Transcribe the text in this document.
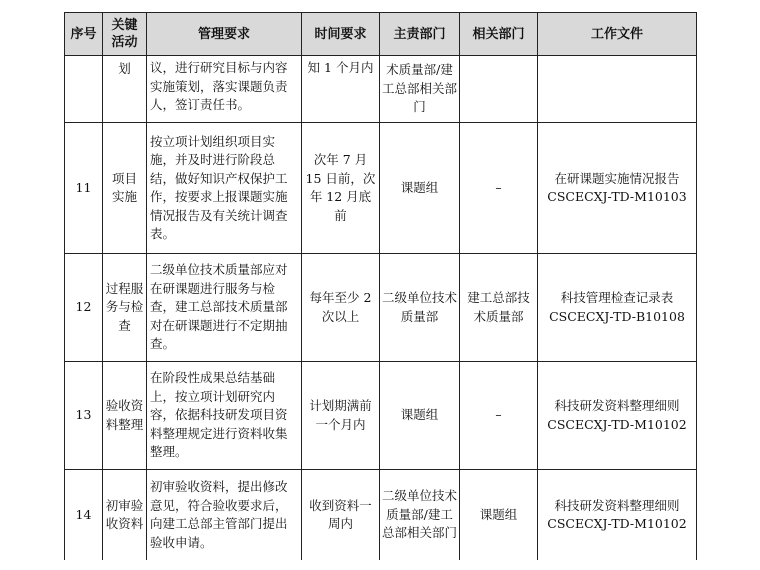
序号	关键活动	管理要求	时间要求	主责部门	相关部门	工作文件
	划	议，进行研究目标与内容实施策划，落实课题负责人，签订责任书。	知 1 个月内	术质量部/建工总部相关部门		

11	项目实施	按立项计划组织项目实施，并及时进行阶段总结，做好知识产权保护工作，按要求上报课题实施情况报告及有关统计调查表。	次年 7 月 15 日前，次年 12 月底前	课题组	–	在研课题实施情况报告
CSCECXJ-TD-M10103

12	过程服务与检查	二级单位技术质量部应对在研课题进行服务与检查，建工总部技术质量部对在研课题进行不定期抽查。	每年至少 2 次以上	二级单位技术质量部	建工总部技术质量部	科技管理检查记录表
CSCECXJ-TD-B10108

13	验收资料整理	在阶段性成果总结基础上，按立项计划研究内容，依据科技研发项目资料整理规定进行资料收集整理。	计划期满前一个月内	课题组	–	科技研发资料整理细则
CSCECXJ-TD-M10102

14	初审验收资料	初审验收资料，提出修改意见，符合验收要求后，向建工总部主管部门提出验收申请。	收到资料一周内	二级单位技术质量部/建工总部相关部门	课题组	科技研发资料整理细则
CSCECXJ-TD-M10102
